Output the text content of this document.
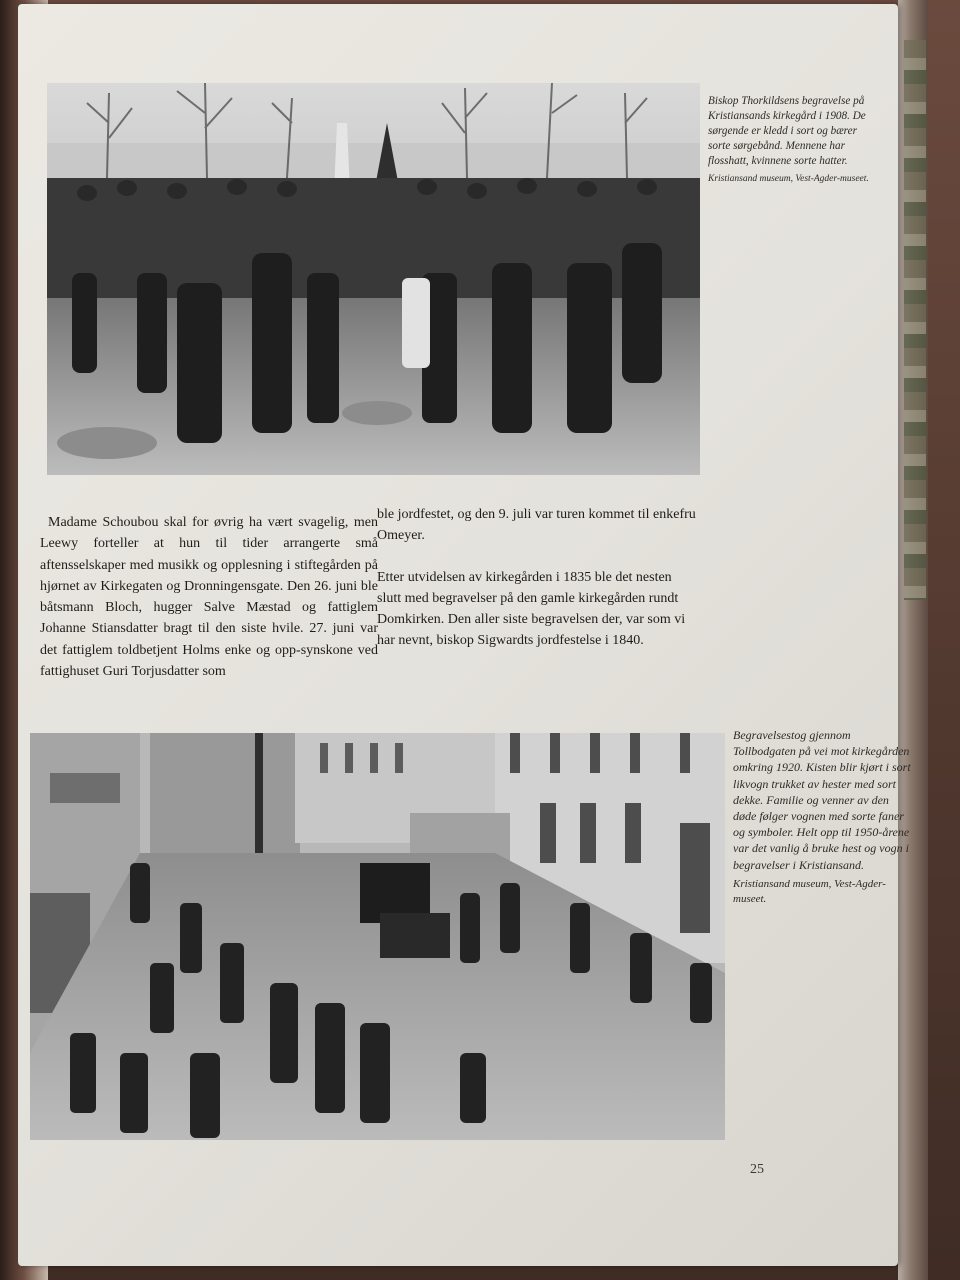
Biskop Thorkildsens begravelse på Kristiansands kirkegård i 1908. De sørgende er kledd i sort og bærer sorte sørgebånd. Mennene har flosshatt, kvinnene sorte hatter.
Kristiansand museum, Vest-Agder-museet.

Madame Schoubou skal for øvrig ha vært svagelig, men Leewy forteller at hun til tider arrangerte små aftensselskaper med musikk og opplesning i stiftegården på hjørnet av Kirkegaten og Dronningensgate. Den 26. juni ble båtsmann Bloch, hugger Salve Mæstad og fattiglem Johanne Stiansdatter bragt til den siste hvile. 27. juni var det fattiglem toldbetjent Holms enke og opp-synskone ved fattighuset Guri Torjusdatter som

ble jordfestet, og den 9. juli var turen kommet til enkefru Omeyer.

Etter utvidelsen av kirkegården i 1835 ble det nesten slutt med begravelser på den gamle kirkegården rundt Domkirken. Den aller siste begravelsen der, var som vi har nevnt, biskop Sigwardts jordfestelse i 1840.

Begravelsestog gjennom Tollbodgaten på vei mot kirkegården omkring 1920. Kisten blir kjørt i sort likvogn trukket av hester med sort dekke. Familie og venner av den døde følger vognen med sorte faner og symboler. Helt opp til 1950-årene var det vanlig å bruke hest og vogn i begravelser i Kristiansand.
Kristiansand museum, Vest-Agder-museet.
25
